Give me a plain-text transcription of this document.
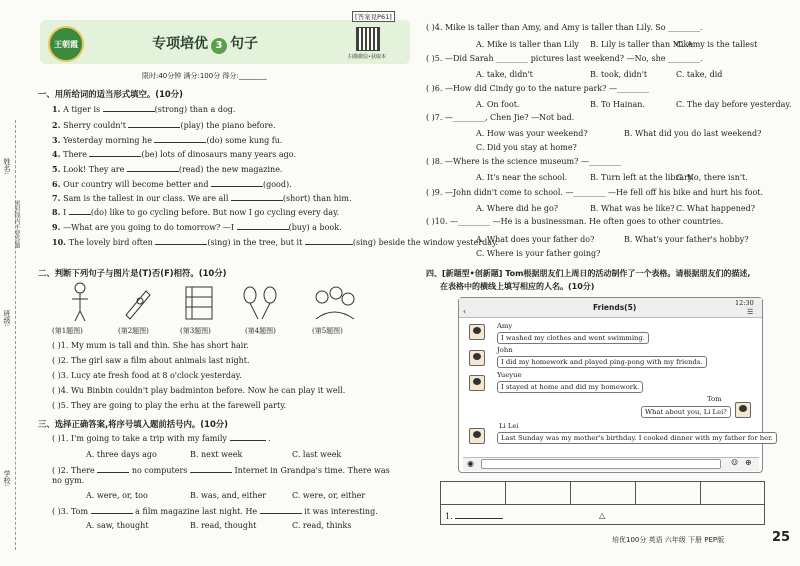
姓名:
班级:
学校:
密封线内不要答题
王朝霞	专项培优 3 句子
[答案見P61]
扫描微信•获取本
限时:40分钟 满分:100分 得分:________
一、用所给词的适当形式填空。(10分)
1. A tiger is	(strong) than a dog.
2. Sherry couldn't	(play) the piano before.
3. Yesterday morning he	(do) some kung fu.
4. There	(be) lots of dinosaurs many years ago.
5. Look! They are	(read) the new magazine.
6. Our country will become better and	(good).
7. Sam is the tallest in our class. We are all	(short) than him.
8. I	(do) like to go cycling before. But now I go cycling every day.
9. —What are you going to do tomorrow? —I	(buy) a book.
10. The lovely bird often	(sing) in the tree, but it	(sing) beside the window yesterday.
二、判断下列句子与图片是(T)否(F)相符。(10分)
(第1题图)	(第2题图)	(第3题图)	(第4题图)	(第5题图)
( )1. My mum is tall and thin. She has short hair.
( )2. The girl saw a film about animals last night.
( )3. Lucy ate fresh food at 8 o'clock yesterday.
( )4. Wu Binbin couldn't play badminton before. Now he can play it well.
( )5. They are going to play the erhu at the farewell party.
三、选择正确答案,将序号填入题前括号内。(10分)
( )1. I'm going to take a trip with my family	.
A. three days ago	B. next week	C. last week
( )2. There	no computers	Internet in Grandpa's time. There was no gym.
A. were, or, too	B. was, and, either	C. were, or, either
( )3. Tom	a film magazine last night. He	it was interesting.
A. saw, thought	B. read, thought	C. read, thinks
( )4. Mike is taller than Amy, and Amy is taller than Lily. So ________.
A. Mike is taller than Lily B. Lily is taller than Mike
C. Amy is the tallest
( )5. —Did Sarah ________ pictures last weekend? —No, she ________.
A. take, didn't	B. took, didn't	C. take, did
( )6. —How did Cindy go to the nature park? —________
A. On foot.	B. To Hainan.	C. The day before yesterday.
( )7. —________, Chen Jie? —Not bad.
A. How was your weekend?	B. What did you do last weekend?
C. Did you stay at home?
( )8. —Where is the science museum? —________
A. It's near the school.	B. Turn left at the library.
C. No, there isn't.
( )9. —John didn't come to school. —________ —He fell off his bike and hurt his foot.
A. Where did he go?	B. What was he like? C. What happened?
( )10. —________ —He is a businessman. He often goes to other countries.
A. What does your father do?	B. What's your father's hobby?
C. Where is your father going?
四、[新题型•创新题] Tom根据朋友们上周日的活动制作了一个表格。请根据朋友们的描述,
在表格中的横线上填写相应的人名。(10分)
Friends(5)	12:30
‹	☰
Amy
I washed my clothes and went swimming.
John
I did my homework and played ping-pong with my friends.
Yueyue
I stayed at home and did my homework.
Tom
What about you, Li Lei?
Li Lei
Last Sunday was my mother's birthday. I cooked dinner with my father for her.
◉	☺ ⊕
1.	△
培优100分 英语 六年级 下册 PEP版	25
